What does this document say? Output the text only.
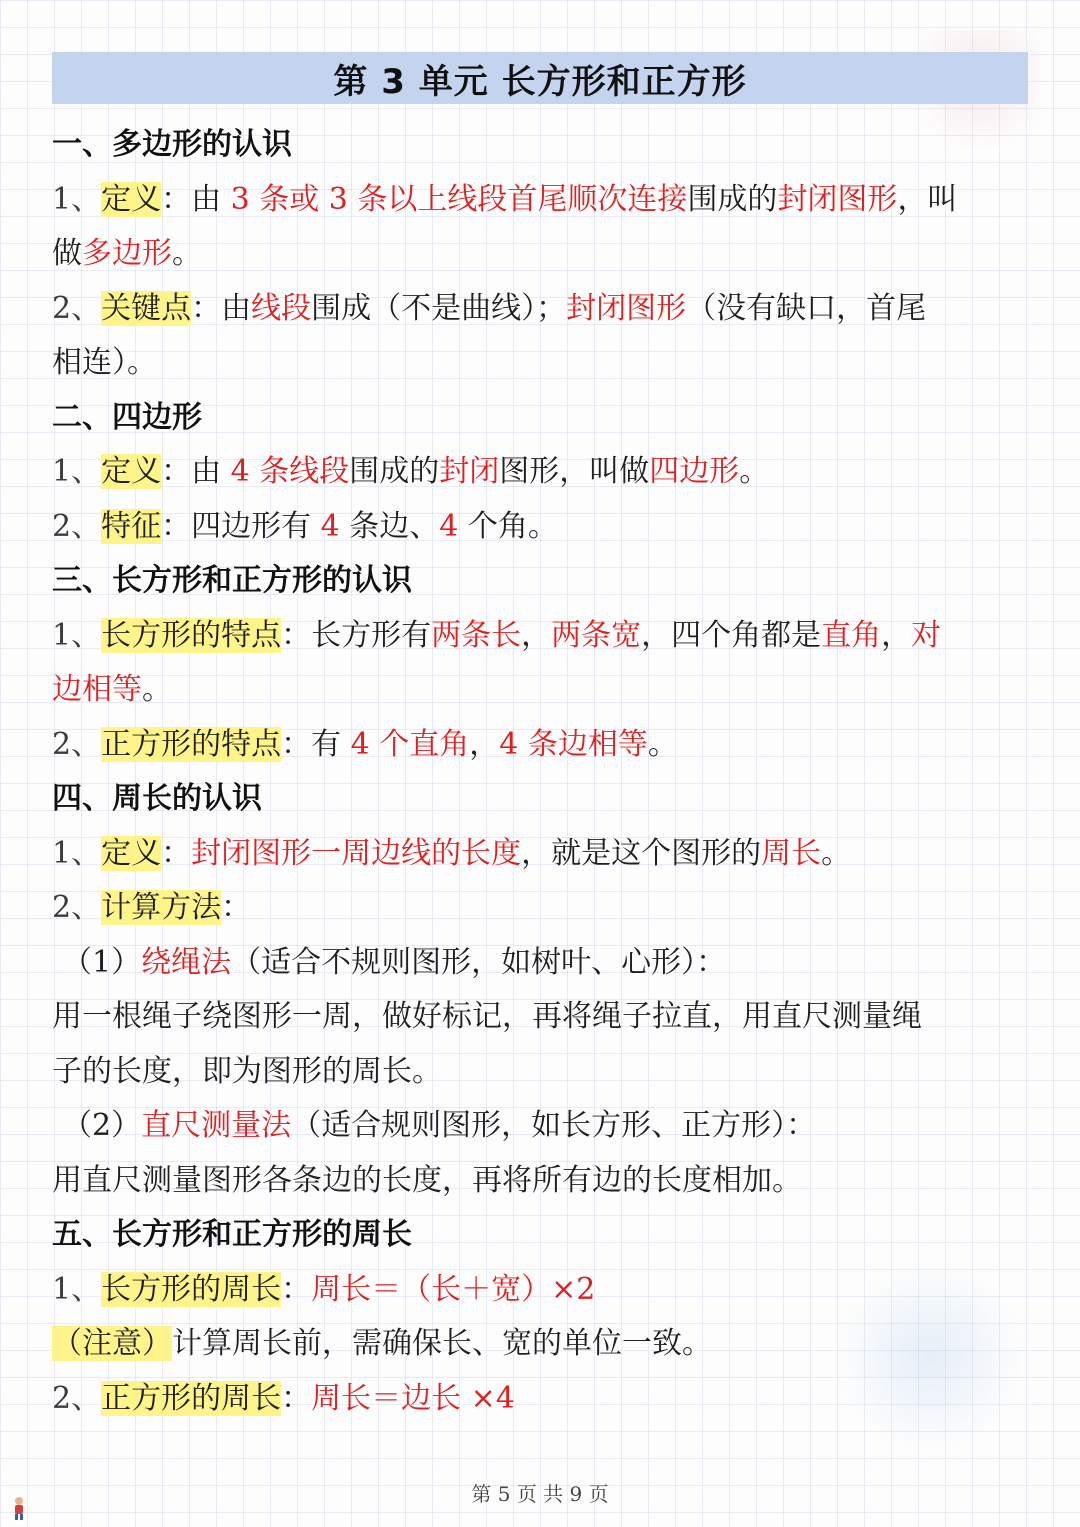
第 3 单元 长方形和正方形
一、多边形的认识
1、定义：由 3 条或 3 条以上线段首尾顺次连接围成的封闭图形，叫
做多边形。
2、关键点：由线段围成（不是曲线）；封闭图形（没有缺口，首尾
相连）。
二、四边形
1、定义：由 4 条线段围成的封闭图形，叫做四边形。
2、特征：四边形有 4 条边、4 个角。
三、长方形和正方形的认识
1、长方形的特点：长方形有两条长，两条宽，四个角都是直角，对
边相等。
2、正方形的特点：有 4 个直角，4 条边相等。
四、周长的认识
1、定义：封闭图形一周边线的长度，就是这个图形的周长。
2、计算方法：
（1）绕绳法（适合不规则图形，如树叶、心形）：
用一根绳子绕图形一周，做好标记，再将绳子拉直，用直尺测量绳
子的长度，即为图形的周长。
（2）直尺测量法（适合规则图形，如长方形、正方形）：
用直尺测量图形各条边的长度，再将所有边的长度相加。
五、长方形和正方形的周长
1、长方形的周长：周长＝（长＋宽）×2
（注意）计算周长前，需确保长、宽的单位一致。
2、正方形的周长：周长＝边长 ×4
第 5 页 共 9 页
